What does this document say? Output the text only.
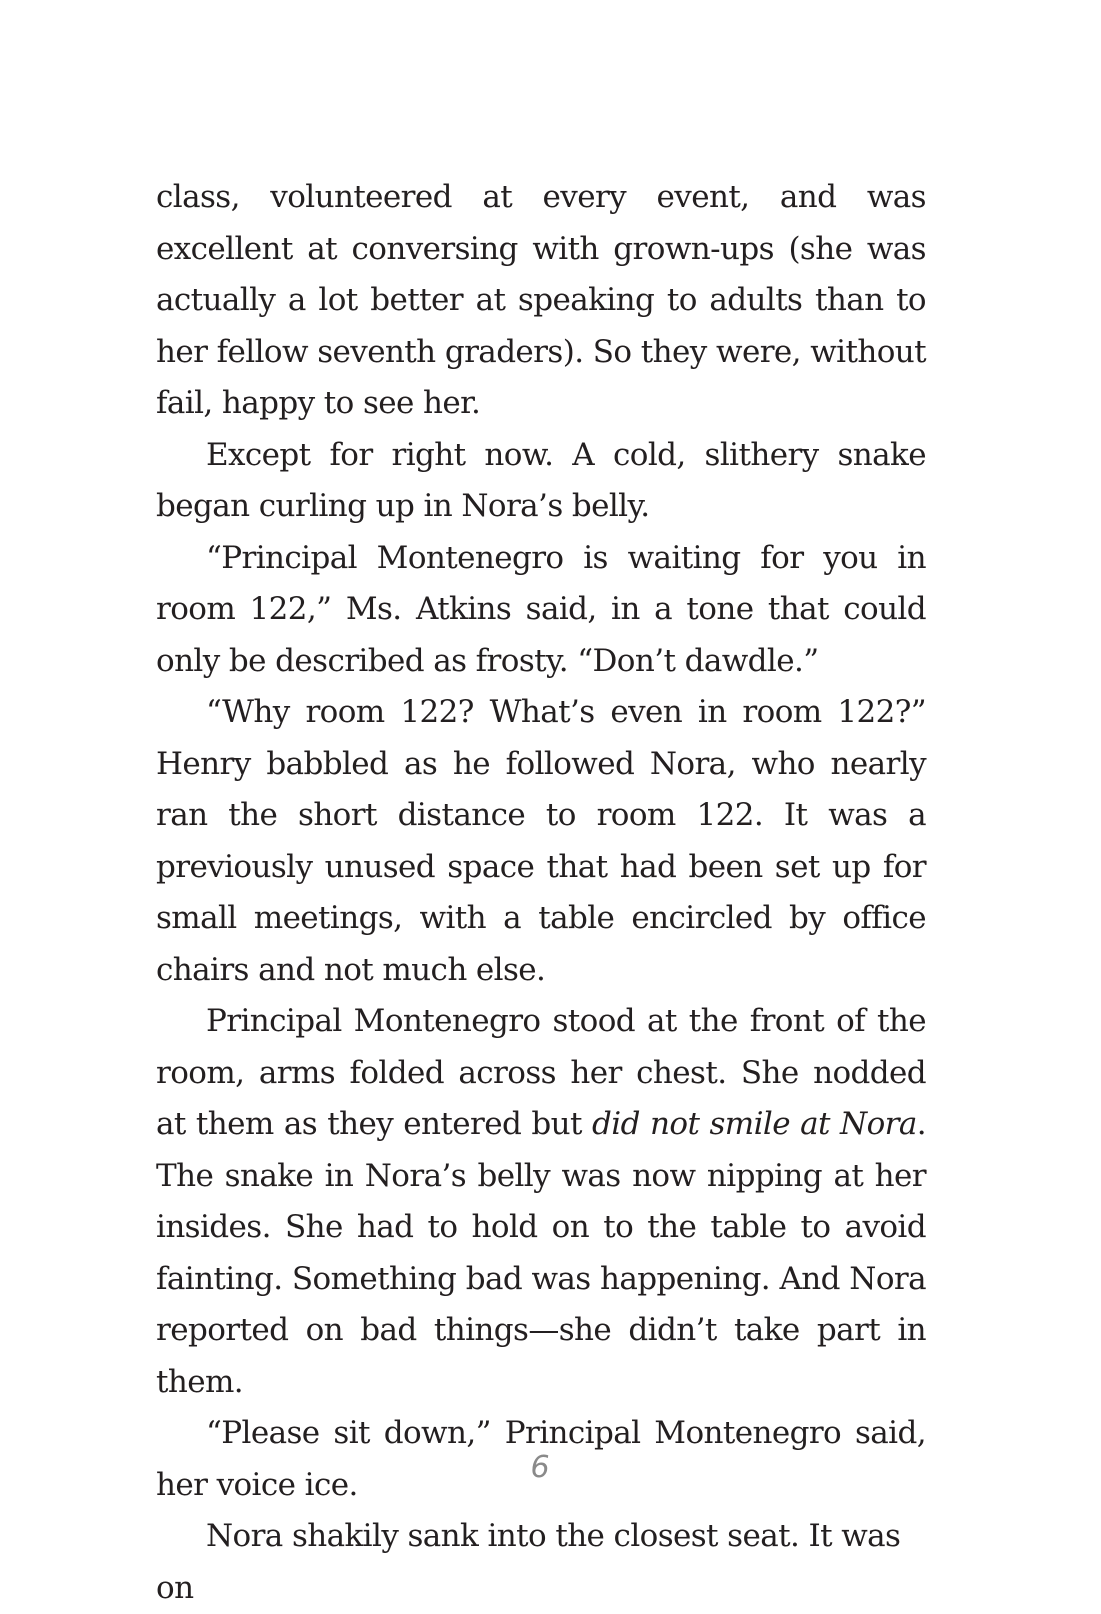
class, volunteered at every event, and was excellent at conversing with grown-ups (she was actually a lot better at speaking to adults than to her fellow seventh graders). So they were, without fail, happy to see her.

Except for right now. A cold, slithery snake began curling up in Nora’s belly.

“Principal Montenegro is waiting for you in room 122,” Ms. Atkins said, in a tone that could only be described as frosty. “Don’t dawdle.”

“Why room 122? What’s even in room 122?” Henry babbled as he followed Nora, who nearly ran the short distance to room 122. It was a previously unused space that had been set up for small meetings, with a table encircled by office chairs and not much else.

Principal Montenegro stood at the front of the room, arms folded across her chest. She nodded at them as they entered but did not smile at Nora. The snake in Nora’s belly was now nipping at her insides. She had to hold on to the table to avoid fainting. Something bad was happening. And Nora reported on bad things—she didn’t take part in them.

“Please sit down,” Principal Montenegro said, her voice ice.

Nora shakily sank into the closest seat. It was on

6
